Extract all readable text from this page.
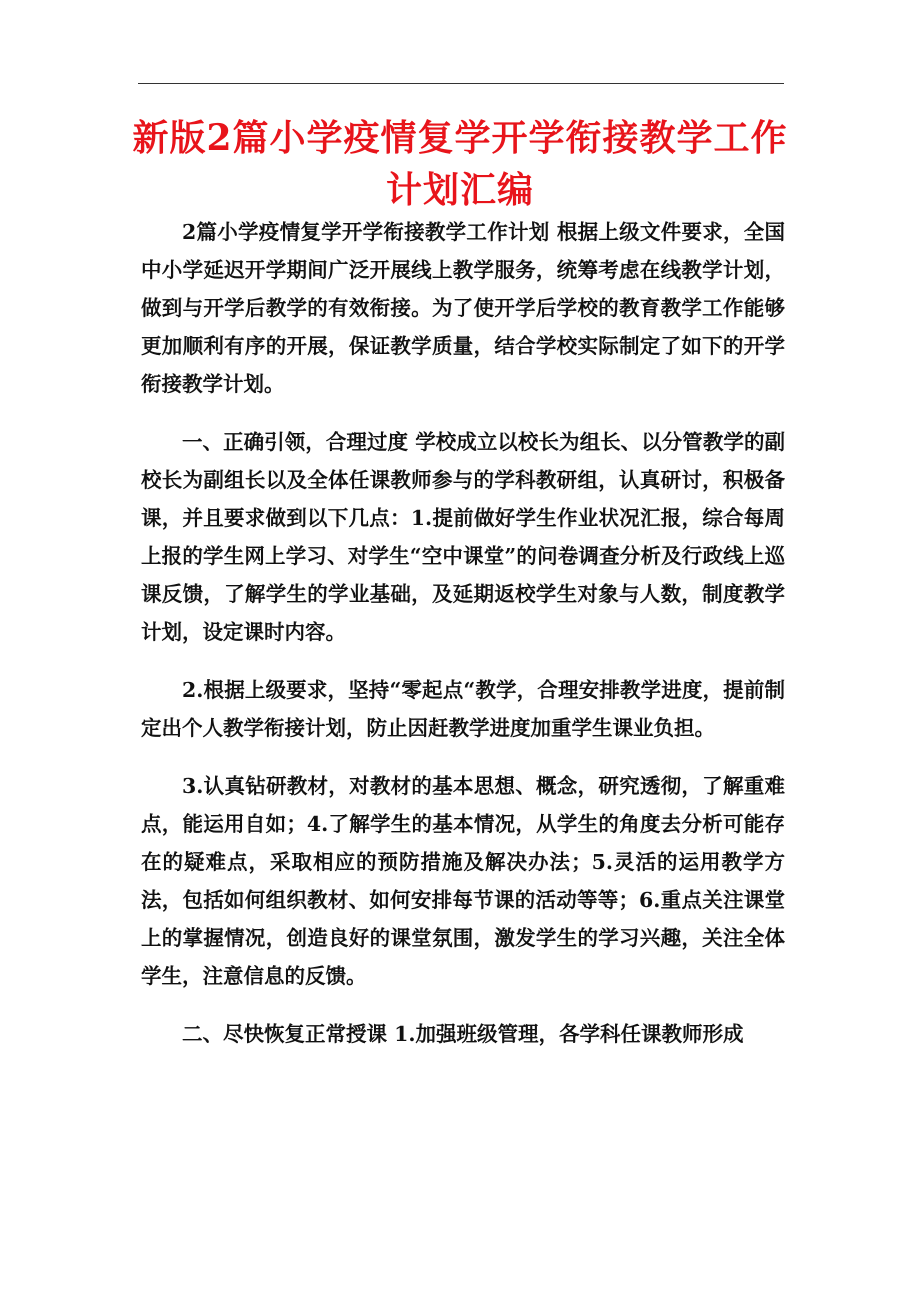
新版2篇小学疫情复学开学衔接教学工作
计划汇编

2篇小学疫情复学开学衔接教学工作计划 根据上级文件要求，全国中小学延迟开学期间广泛开展线上教学服务，统筹考虑在线教学计划，做到与开学后教学的有效衔接。为了使开学后学校的教育教学工作能够更加顺利有序的开展，保证教学质量，结合学校实际制定了如下的开学衔接教学计划。

一、正确引领，合理过度 学校成立以校长为组长、以分管教学的副校长为副组长以及全体任课教师参与的学科教研组，认真研讨，积极备课，并且要求做到以下几点：1.提前做好学生作业状况汇报，综合每周上报的学生网上学习、对学生“空中课堂”的问卷调查分析及行政线上巡课反馈，了解学生的学业基础，及延期返校学生对象与人数，制度教学计划，设定课时内容。

2.根据上级要求，坚持“零起点“教学，合理安排教学进度，提前制定出个人教学衔接计划，防止因赶教学进度加重学生课业负担。

3.认真钻研教材，对教材的基本思想、概念，研究透彻，了解重难点，能运用自如；4.了解学生的基本情况，从学生的角度去分析可能存在的疑难点，采取相应的预防措施及解决办法；5.灵活的运用教学方法，包括如何组织教材、如何安排每节课的活动等等；6.重点关注课堂上的掌握情况，创造良好的课堂氛围，激发学生的学习兴趣，关注全体学生，注意信息的反馈。

二、尽快恢复正常授课 1.加强班级管理，各学科任课教师形成
